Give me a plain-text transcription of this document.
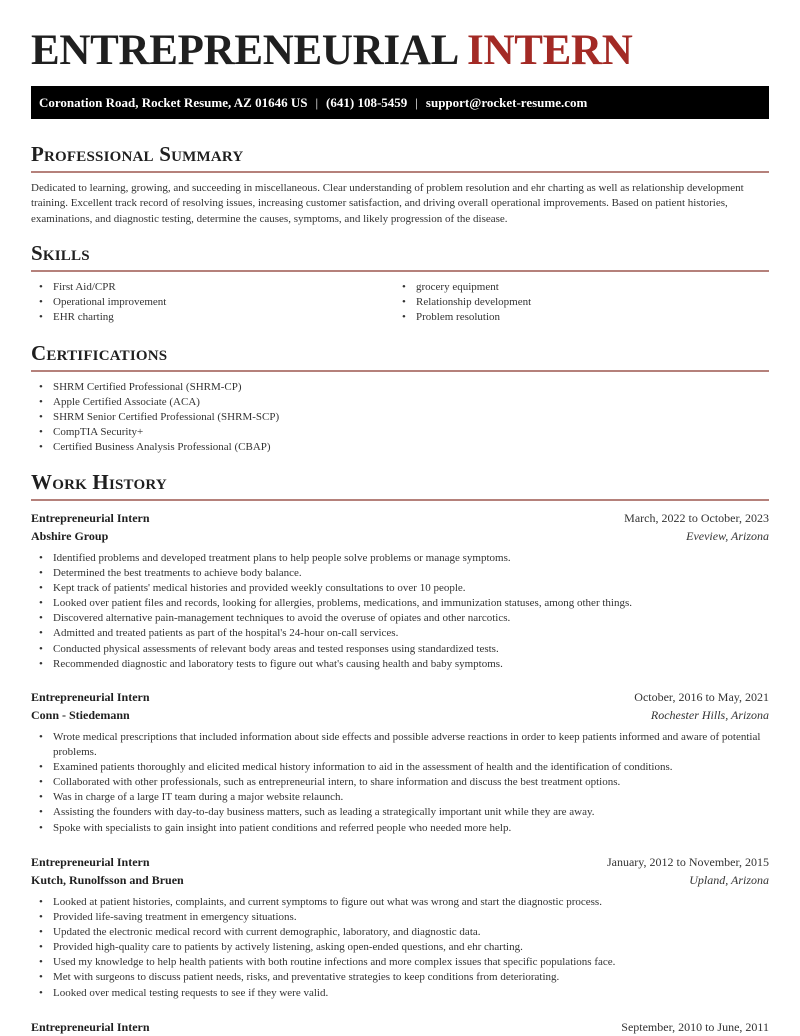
ENTREPRENEURIAL INTERN
Coronation Road, Rocket Resume, AZ 01646 US | (641) 108-5459 | support@rocket-resume.com
Professional Summary
Dedicated to learning, growing, and succeeding in miscellaneous. Clear understanding of problem resolution and ehr charting as well as relationship development training. Excellent track record of resolving issues, increasing customer satisfaction, and driving overall operational improvements. Based on patient histories, examinations, and diagnostic testing, determine the causes, symptoms, and likely progression of the disease.
Skills
• First Aid/CPR
• Operational improvement
• EHR charting
• grocery equipment
• Relationship development
• Problem resolution
Certifications
• SHRM Certified Professional (SHRM-CP)
• Apple Certified Associate (ACA)
• SHRM Senior Certified Professional (SHRM-SCP)
• CompTIA Security+
• Certified Business Analysis Professional (CBAP)
Work History
Entrepreneurial Intern	March, 2022 to October, 2023
Abshire Group	Eveview, Arizona
• Identified problems and developed treatment plans to help people solve problems or manage symptoms.
• Determined the best treatments to achieve body balance.
• Kept track of patients' medical histories and provided weekly consultations to over 10 people.
• Looked over patient files and records, looking for allergies, problems, medications, and immunization statuses, among other things.
• Discovered alternative pain-management techniques to avoid the overuse of opiates and other narcotics.
• Admitted and treated patients as part of the hospital's 24-hour on-call services.
• Conducted physical assessments of relevant body areas and tested responses using standardized tests.
• Recommended diagnostic and laboratory tests to figure out what's causing health and baby symptoms.
Entrepreneurial Intern	October, 2016 to May, 2021
Conn - Stiedemann	Rochester Hills, Arizona
• Wrote medical prescriptions that included information about side effects and possible adverse reactions in order to keep patients informed and aware of potential problems.
• Examined patients thoroughly and elicited medical history information to aid in the assessment of health and the identification of conditions.
• Collaborated with other professionals, such as entrepreneurial intern, to share information and discuss the best treatment options.
• Was in charge of a large IT team during a major website relaunch.
• Assisting the founders with day-to-day business matters, such as leading a strategically important unit while they are away.
• Spoke with specialists to gain insight into patient conditions and referred people who needed more help.
Entrepreneurial Intern	January, 2012 to November, 2015
Kutch, Runolfsson and Bruen	Upland, Arizona
• Looked at patient histories, complaints, and current symptoms to figure out what was wrong and start the diagnostic process.
• Provided life-saving treatment in emergency situations.
• Updated the electronic medical record with current demographic, laboratory, and diagnostic data.
• Provided high-quality care to patients by actively listening, asking open-ended questions, and ehr charting.
• Used my knowledge to help health patients with both routine infections and more complex issues that specific populations face.
• Met with surgeons to discuss patient needs, risks, and preventative strategies to keep conditions from deteriorating.
• Looked over medical testing requests to see if they were valid.
Entrepreneurial Intern	September, 2010 to June, 2011
